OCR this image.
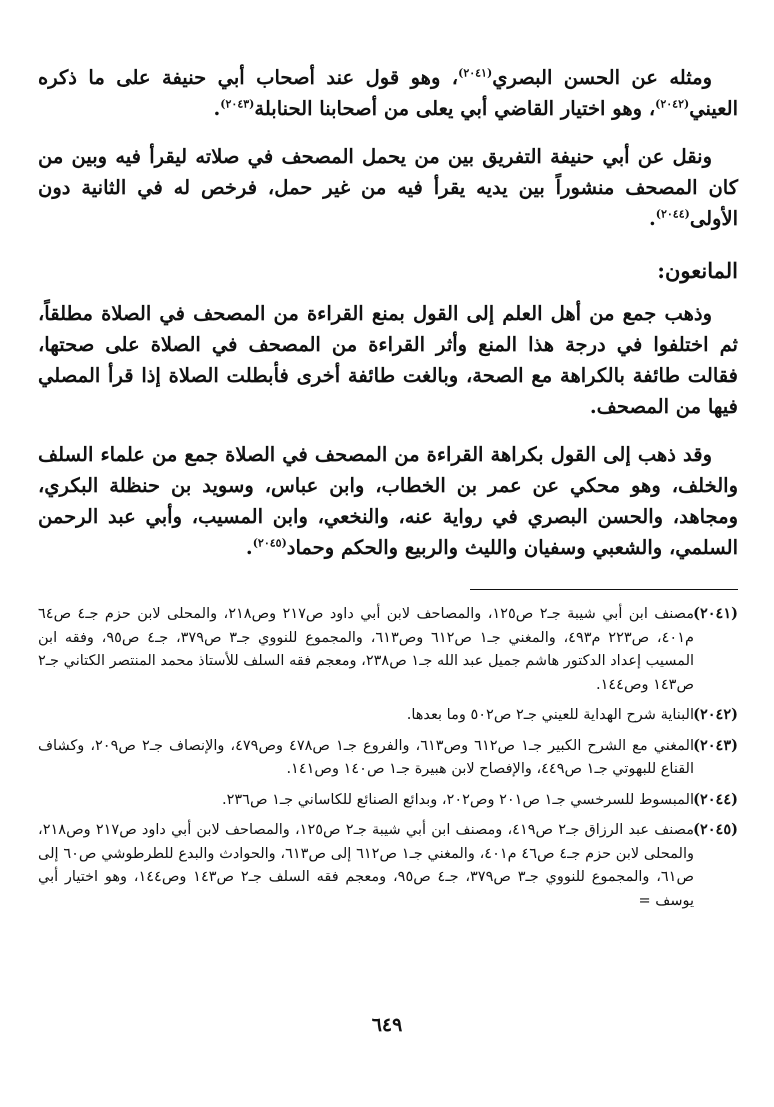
ومثله عن الحسن البصري$^{(٢٠٤١)}$، وهو قول عند أصحاب أبي حنيفة على ما ذكره العيني$^{(٢٠٤٢)}$، وهو اختيار القاضي أبي يعلى من أصحابنا الحنابلة$^{(٢٠٤٣)}$.

ونقل عن أبي حنيفة التفريق بين من يحمل المصحف في صلاته ليقرأ فيه وبين من كان المصحف منشوراً بين يديه يقرأ فيه من غير حمل، فرخص له في الثانية دون الأولى$^{(٢٠٤٤)}$.

المانعون:

وذهب جمع من أهل العلم إلى القول بمنع القراءة من المصحف في الصلاة مطلقاً، ثم اختلفوا في درجة هذا المنع وأثر القراءة من المصحف في الصلاة على صحتها، فقالت طائفة بالكراهة مع الصحة، وبالغت طائفة أخرى فأبطلت الصلاة إذا قرأ المصلي فيها من المصحف.

وقد ذهب إلى القول بكراهة القراءة من المصحف في الصلاة جمع من علماء السلف والخلف، وهو محكي عن عمر بن الخطاب، وابن عباس، وسويد بن حنظلة البكري، ومجاهد، والحسن البصري في رواية عنه، والنخعي، وابن المسيب، وأبي عبد الرحمن السلمي، والشعبي وسفيان والليث والربيع والحكم وحماد$^{(٢٠٤٥)}$.

(٢٠٤١)مصنف ابن أبي شيبة جـ٢ ص١٢٥، والمصاحف لابن أبي داود ص٢١٧ وص٢١٨، والمحلى لابن حزم جـ٤ ص٦٤ م٤٠١، ص٢٢٣ م٤٩٣، والمغني جـ١ ص٦١٢ وص٦١٣، والمجموع للنووي جـ٣ ص٣٧٩، جـ٤ ص٩٥، وفقه ابن المسيب إعداد الدكتور هاشم جميل عبد الله جـ١ ص٢٣٨، ومعجم فقه السلف للأستاذ محمد المنتصر الكتاني جـ٢ ص١٤٣ وص١٤٤.

(٢٠٤٢)البناية شرح الهداية للعيني جـ٢ ص٥٠٢ وما بعدها.

(٢٠٤٣)المغني مع الشرح الكبير جـ١ ص٦١٢ وص٦١٣، والفروع جـ١ ص٤٧٨ وص٤٧٩، والإنصاف جـ٢ ص٢٠٩، وكشاف القناع للبهوتي جـ١ ص٤٤٩، والإفصاح لابن هبيرة جـ١ ص١٤٠ وص١٤١.

(٢٠٤٤)المبسوط للسرخسي جـ١ ص٢٠١ وص٢٠٢، وبدائع الصنائع للكاساني جـ١ ص٢٣٦.

(٢٠٤٥)مصنف عبد الرزاق جـ٢ ص٤١٩، ومصنف ابن أبي شيبة جـ٢ ص١٢٥، والمصاحف لابن أبي داود ص٢١٧ وص٢١٨، والمحلى لابن حزم جـ٤ ص٤٦ م٤٠١، والمغني جـ١ ص٦١٢ إلى ص٦١٣، والحوادث والبدع للطرطوشي ص٦٠ إلى ص٦١، والمجموع للنووي جـ٣ ص٣٧٩، جـ٤ ص٩٥، ومعجم فقه السلف جـ٢ ص١٤٣ وص١٤٤، وهو اختيار أبي يوسف =

٦٤٩
